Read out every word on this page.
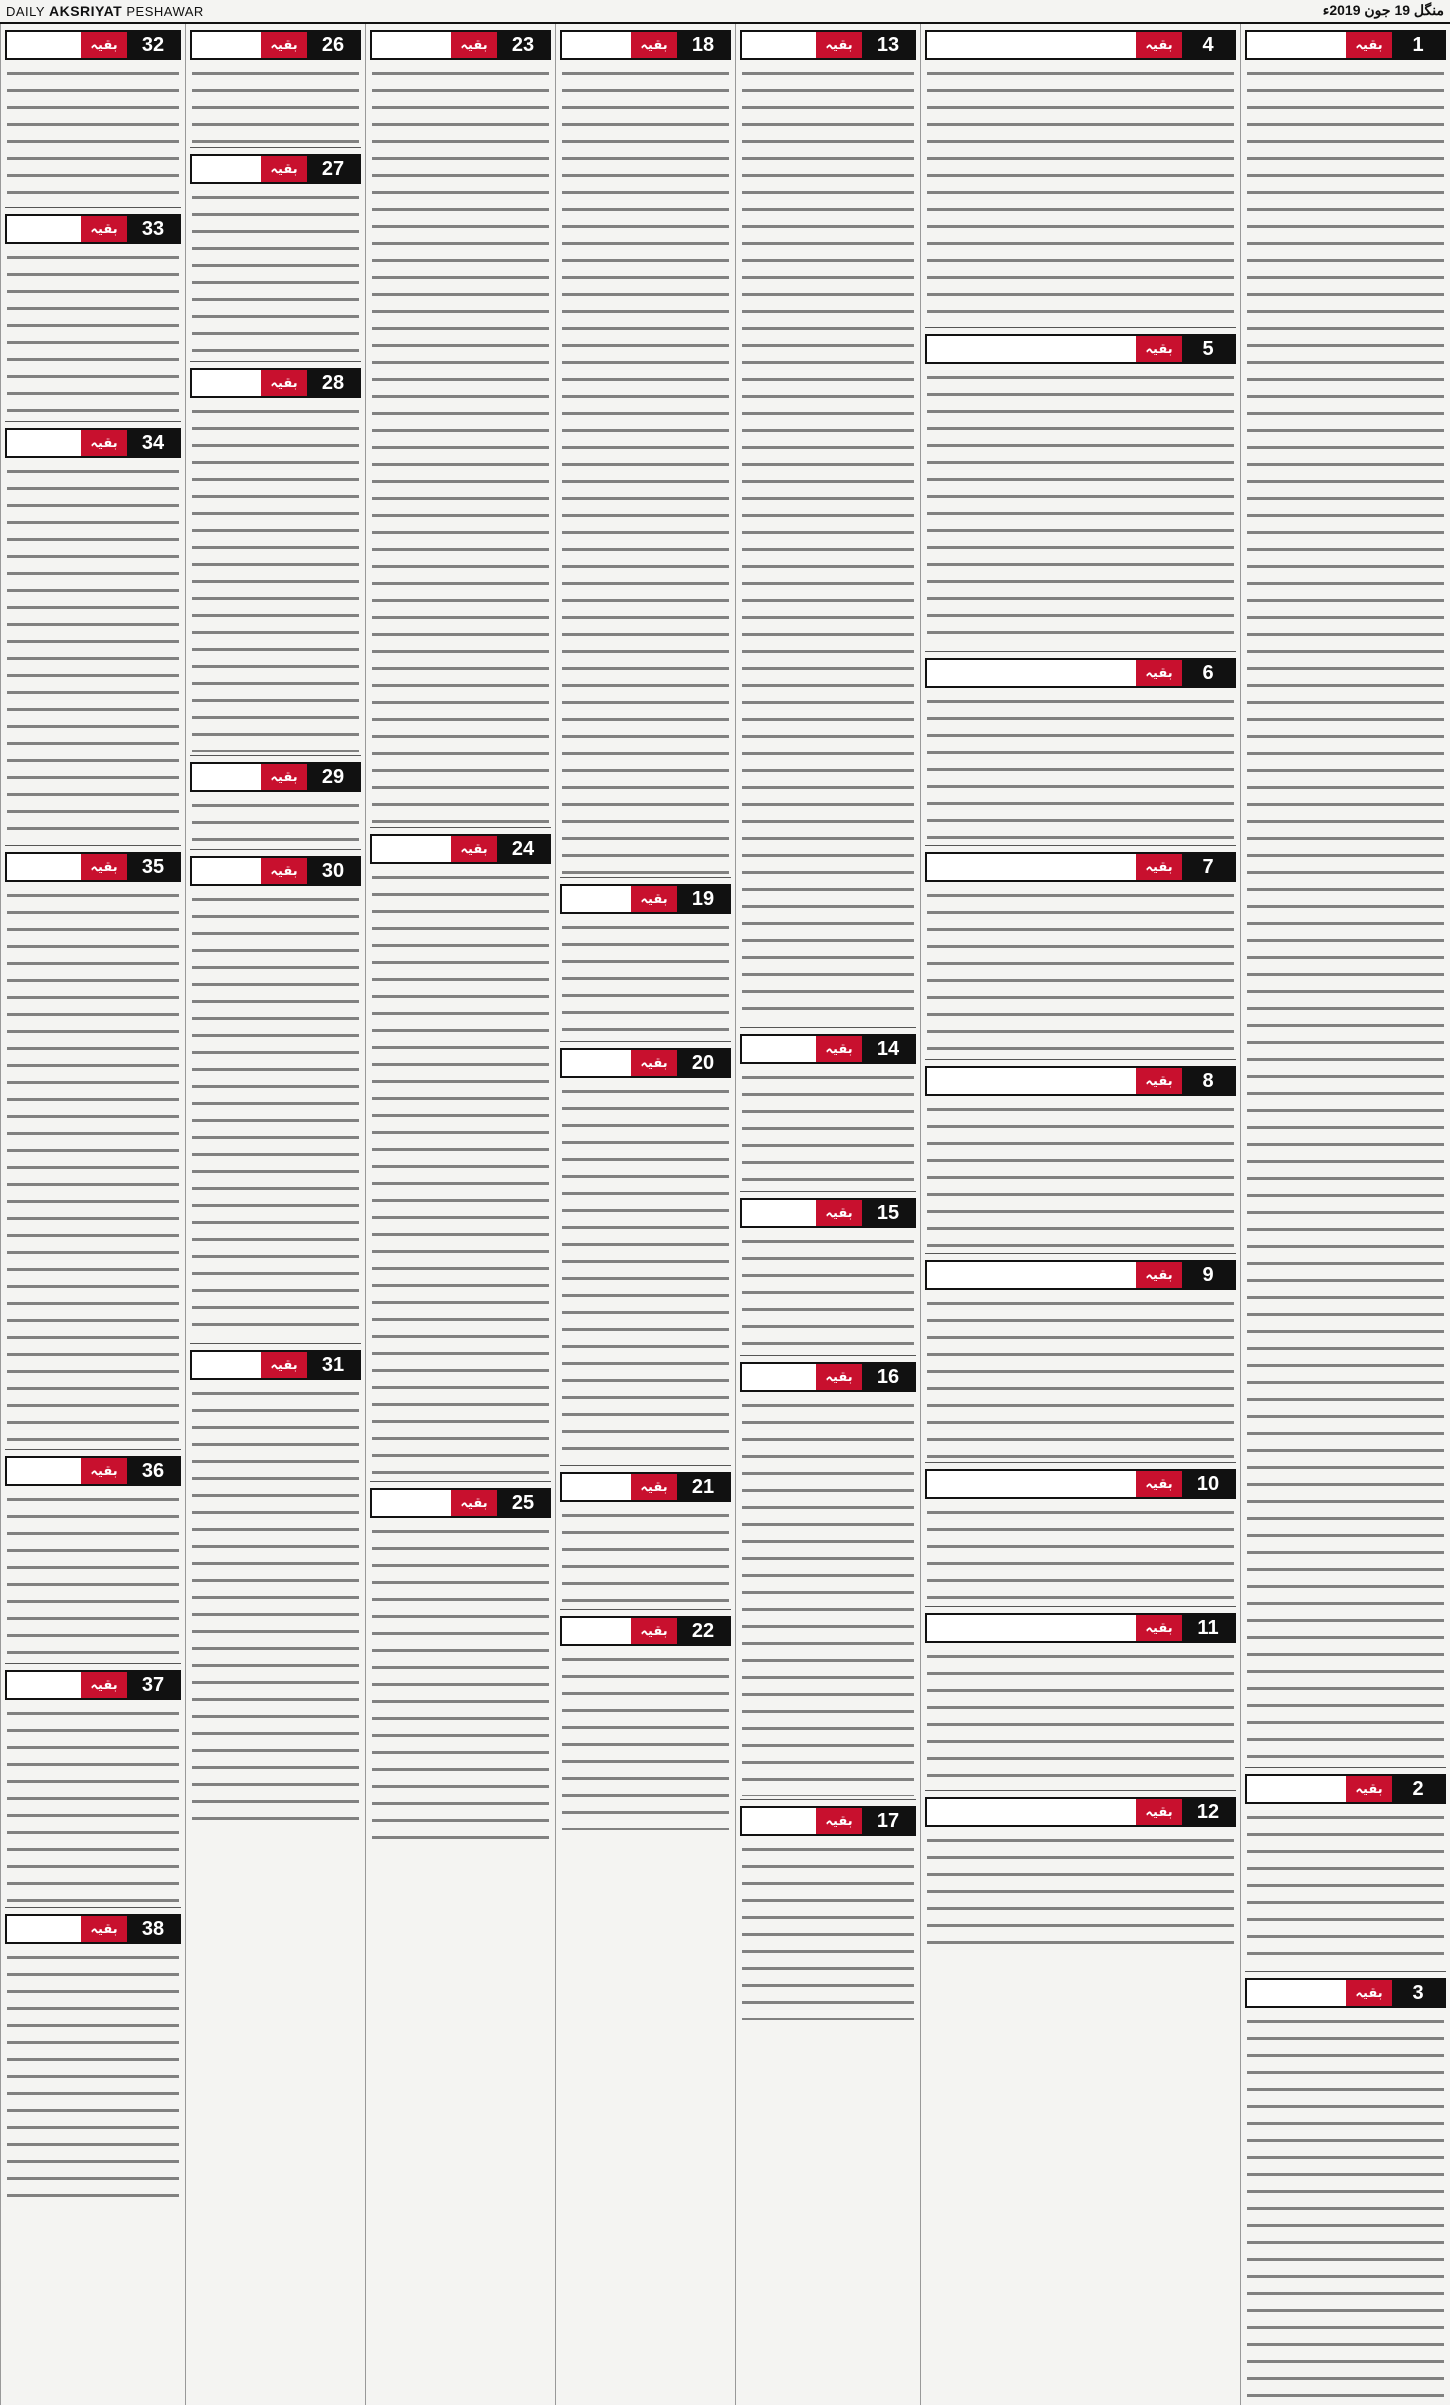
DAILY AKSRIYAT PESHAWAR	منگل 19 جون 2019ء
1
بقیہ
2
بقیہ
3
بقیہ
4
بقیہ
5
بقیہ
6
بقیہ
7
بقیہ
8
بقیہ
9
بقیہ
10
بقیہ
11
بقیہ
12
بقیہ
13
بقیہ
14
بقیہ
15
بقیہ
16
بقیہ
17
بقیہ
18
بقیہ
19
بقیہ
20
بقیہ
21
بقیہ
22
بقیہ
23
بقیہ
24
بقیہ
25
بقیہ
26
بقیہ
27
بقیہ
28
بقیہ
29
بقیہ
30
بقیہ
31
بقیہ
32
بقیہ
33
بقیہ
34
بقیہ
35
بقیہ
36
بقیہ
37
بقیہ
38
بقیہ
